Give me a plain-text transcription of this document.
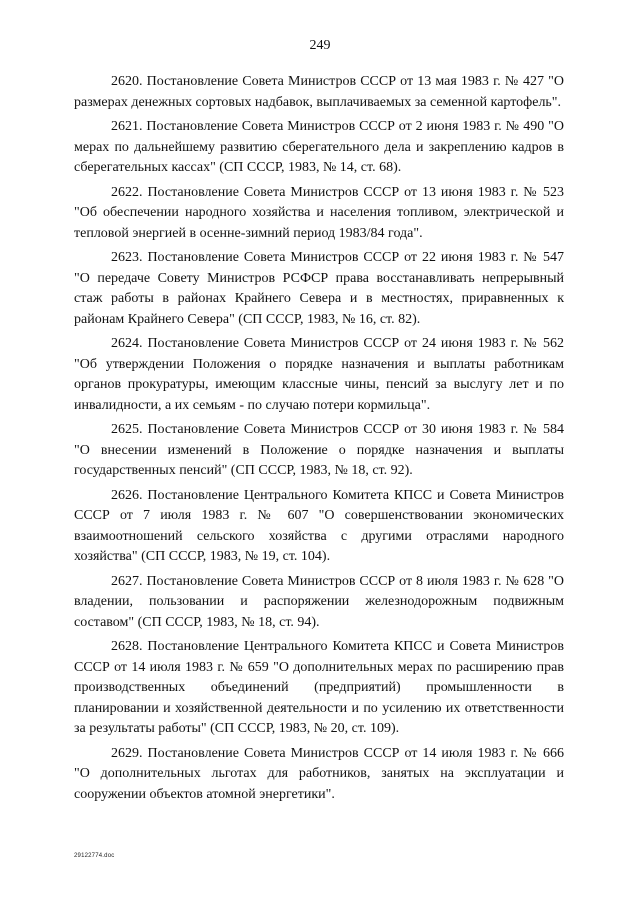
249

2620. Постановление Совета Министров СССР от 13 мая 1983 г. № 427 "О размерах денежных сортовых надбавок, выплачиваемых за семенной картофель".

2621. Постановление Совета Министров СССР от 2 июня 1983 г. № 490 "О мерах по дальнейшему развитию сберегательного дела и закреплению кадров в сберегательных кассах" (СП СССР, 1983, № 14, ст. 68).

2622. Постановление Совета Министров СССР от 13 июня 1983 г. № 523 "Об обеспечении народного хозяйства и населения топливом, электрической и тепловой энергией в осенне-зимний период 1983/84 года".

2623. Постановление Совета Министров СССР от 22 июня 1983 г. № 547 "О передаче Совету Министров РСФСР права восстанавливать непрерывный стаж работы в районах Крайнего Севера и в местностях, приравненных к районам Крайнего Севера" (СП СССР, 1983, № 16, ст. 82).

2624. Постановление Совета Министров СССР от 24 июня 1983 г. № 562 "Об утверждении Положения о порядке назначения и выплаты работникам органов прокуратуры, имеющим классные чины, пенсий за выслугу лет и по инвалидности, а их семьям - по случаю потери кормильца".

2625. Постановление Совета Министров СССР от 30 июня 1983 г. № 584 "О внесении изменений в Положение о порядке назначения и выплаты государственных пенсий" (СП СССР, 1983, № 18, ст. 92).

2626. Постановление Центрального Комитета КПСС и Совета Министров СССР от 7 июля 1983 г. № 607 "О совершенствовании экономических взаимоотношений сельского хозяйства с другими отраслями народного хозяйства" (СП СССР, 1983, № 19, ст. 104).

2627. Постановление Совета Министров СССР от 8 июля 1983 г. № 628 "О владении, пользовании и распоряжении железнодорожным подвижным составом" (СП СССР, 1983, № 18, ст. 94).

2628. Постановление Центрального Комитета КПСС и Совета Министров СССР от 14 июля 1983 г. № 659 "О дополнительных мерах по расширению прав производственных объединений (предприятий) промышленности в планировании и хозяйственной деятельности и по усилению их ответственности за результаты работы" (СП СССР, 1983, № 20, ст. 109).

2629. Постановление Совета Министров СССР от 14 июля 1983 г. № 666 "О дополнительных льготах для работников, занятых на эксплуатации и сооружении объектов атомной энергетики".

29122774.doc
